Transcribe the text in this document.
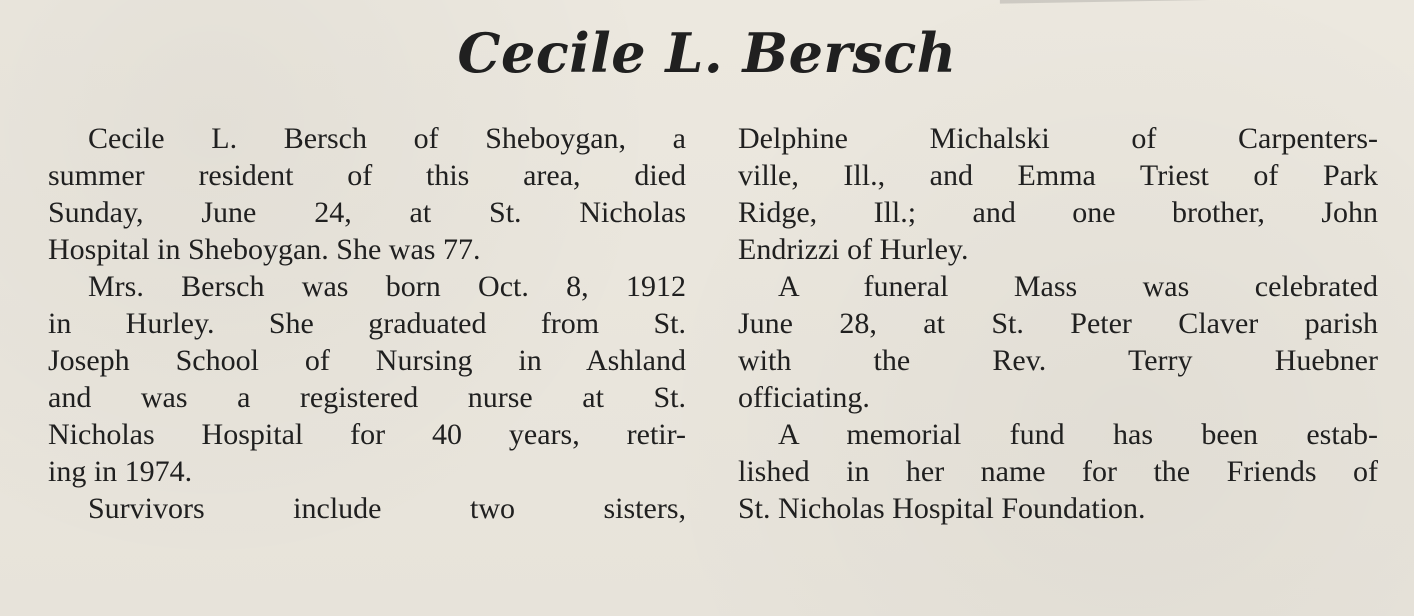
Cecile L. Bersch
Cecile L. Bersch of Sheboygan, a
summer resident of this area, died
Sunday, June 24, at St. Nicholas
Hospital in Sheboygan. She was 77.
Mrs. Bersch was born Oct. 8, 1912
in Hurley. She graduated from St.
Joseph School of Nursing in Ashland
and was a registered nurse at St.
Nicholas Hospital for 40 years, retir-
ing in 1974.
Survivors include two sisters,
Delphine Michalski of Carpenters-
ville, Ill., and Emma Triest of Park
Ridge, Ill.; and one brother, John
Endrizzi of Hurley.
A funeral Mass was celebrated
June 28, at St. Peter Claver parish
with the Rev. Terry Huebner
officiating.
A memorial fund has been estab-
lished in her name for the Friends of
St. Nicholas Hospital Foundation.
